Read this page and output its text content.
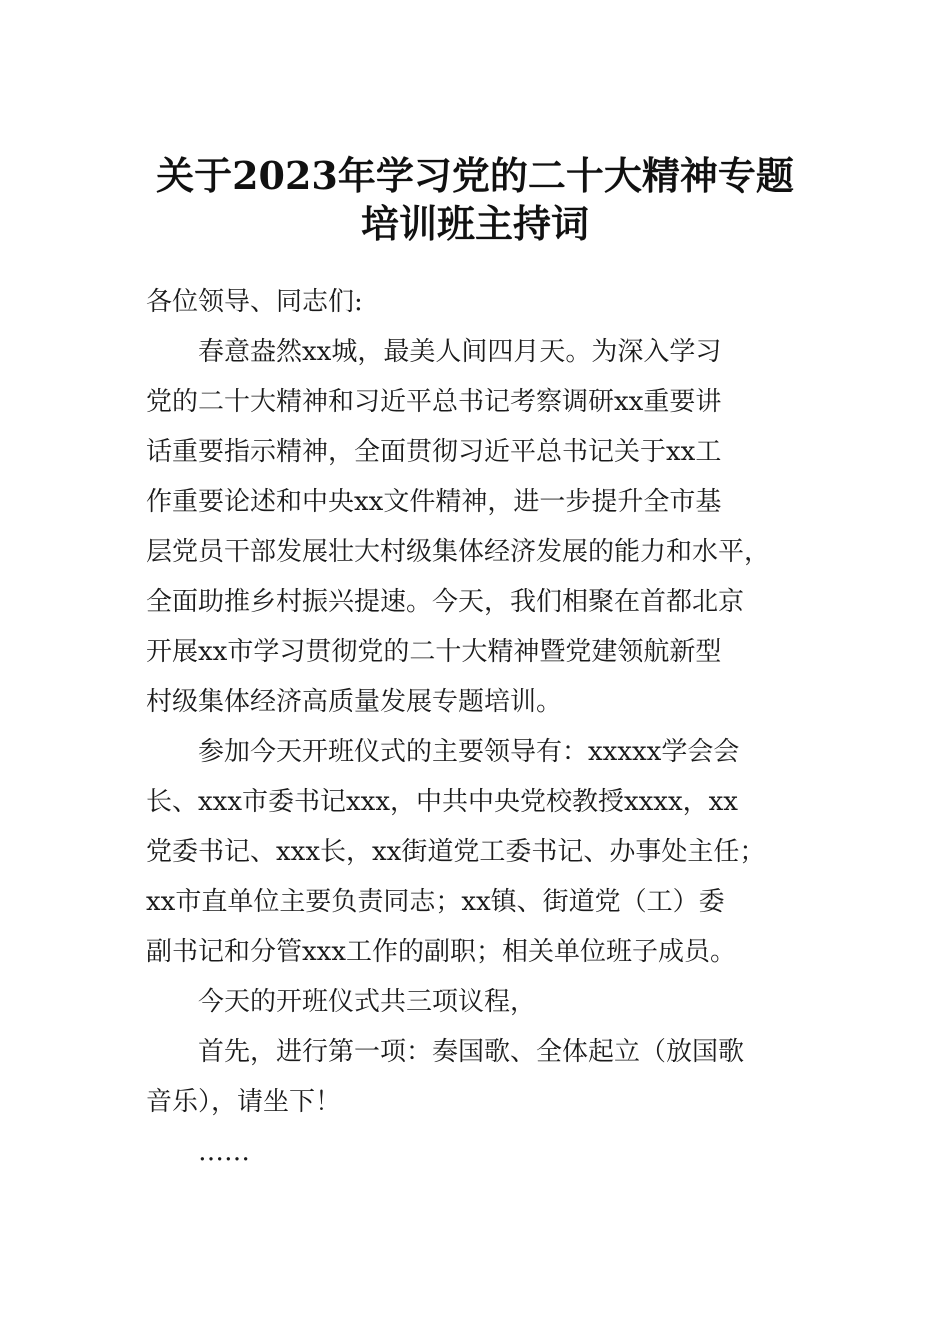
关于2023年学习党的二十大精神专题
培训班主持词
各位领导、同志们:
春意盎然xx城，最美人间四月天。为深入学习
党的二十大精神和习近平总书记考察调研xx重要讲
话重要指示精神，全面贯彻习近平总书记关于xx工
作重要论述和中央xx文件精神，进一步提升全市基
层党员干部发展壮大村级集体经济发展的能力和水平，
全面助推乡村振兴提速。今天，我们相聚在首都北京
开展xx市学习贯彻党的二十大精神暨党建领航新型
村级集体经济高质量发展专题培训。
参加今天开班仪式的主要领导有：xxxxx学会会
长、xxx市委书记xxx，中共中央党校教授xxxx，xx
党委书记、xxx长，xx街道党工委书记、办事处主任；
xx市直单位主要负责同志；xx镇、街道党（工）委
副书记和分管xxx工作的副职；相关单位班子成员。
今天的开班仪式共三项议程，
首先，进行第一项：奏国歌、全体起立（放国歌
音乐），请坐下！
……
